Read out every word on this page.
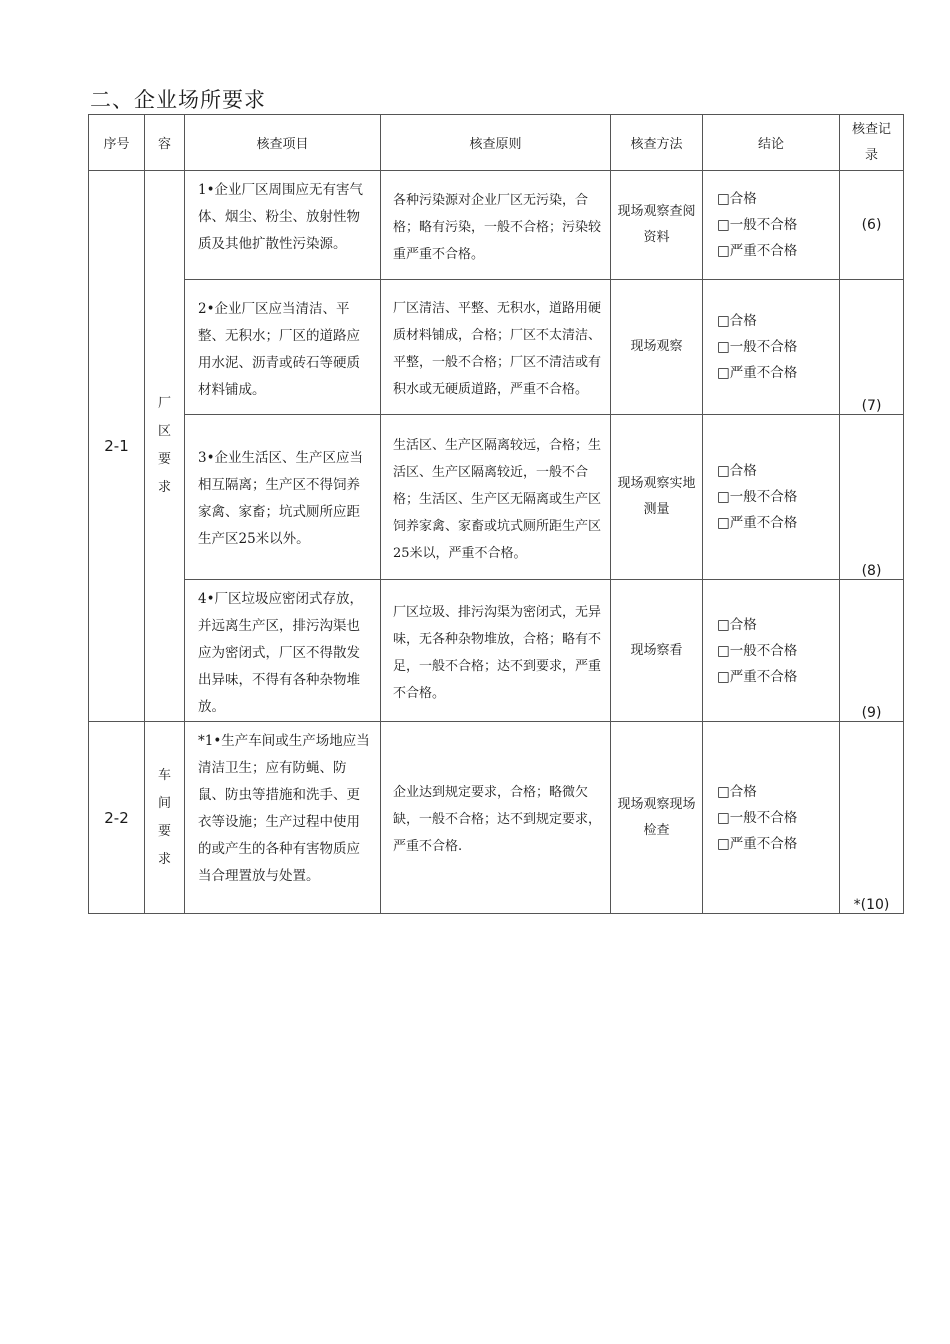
二、企业场所要求
序号	容	核查项目	核查原则	核查方法	结论	核查记录
2-1	厂区要求	1•企业厂区周围应无有害气体、烟尘、粉尘、放射性物质及其他扩散性污染源。	各种污染源对企业厂区无污染，合格；略有污染，一般不合格；污染较重严重不合格。	现场观察查阅资料	□合格
□一般不合格
□严重不合格	(6)
		2•企业厂区应当清洁、平整、无积水；厂区的道路应用水泥、沥青或砖石等硬质材料铺成。	厂区清洁、平整、无积水，道路用硬质材料铺成，合格；厂区不太清洁、平整，一般不合格；厂区不清洁或有积水或无硬质道路，严重不合格。	现场观察	□合格
□一般不合格
□严重不合格	(7)
		3•企业生活区、生产区应当相互隔离；生产区不得饲养家禽、家畜；坑式厕所应距生产区25米以外。	生活区、生产区隔离较远，合格；生活区、生产区隔离较近，一般不合格；生活区、生产区无隔离或生产区饲养家禽、家畜或坑式厕所距生产区25米以，严重不合格。	现场观察实地测量	□合格
□一般不合格
□严重不合格	(8)
		4•厂区垃圾应密闭式存放，并远离生产区，排污沟渠也应为密闭式，厂区不得散发出异味，不得有各种杂物堆放。	厂区垃圾、排污沟渠为密闭式，无异味，无各种杂物堆放，合格；略有不足，一般不合格；达不到要求，严重不合格。	现场察看	□合格
□一般不合格
□严重不合格	(9)
2-2	车间要求	*1•生产车间或生产场地应当清洁卫生；应有防蝇、防鼠、防虫等措施和洗手、更衣等设施；生产过程中使用的或产生的各种有害物质应当合理置放与处置。	企业达到规定要求，合格；略微欠缺，一般不合格；达不到规定要求，严重不合格.	现场观察现场检查	□合格
□一般不合格
□严重不合格	*(10)
